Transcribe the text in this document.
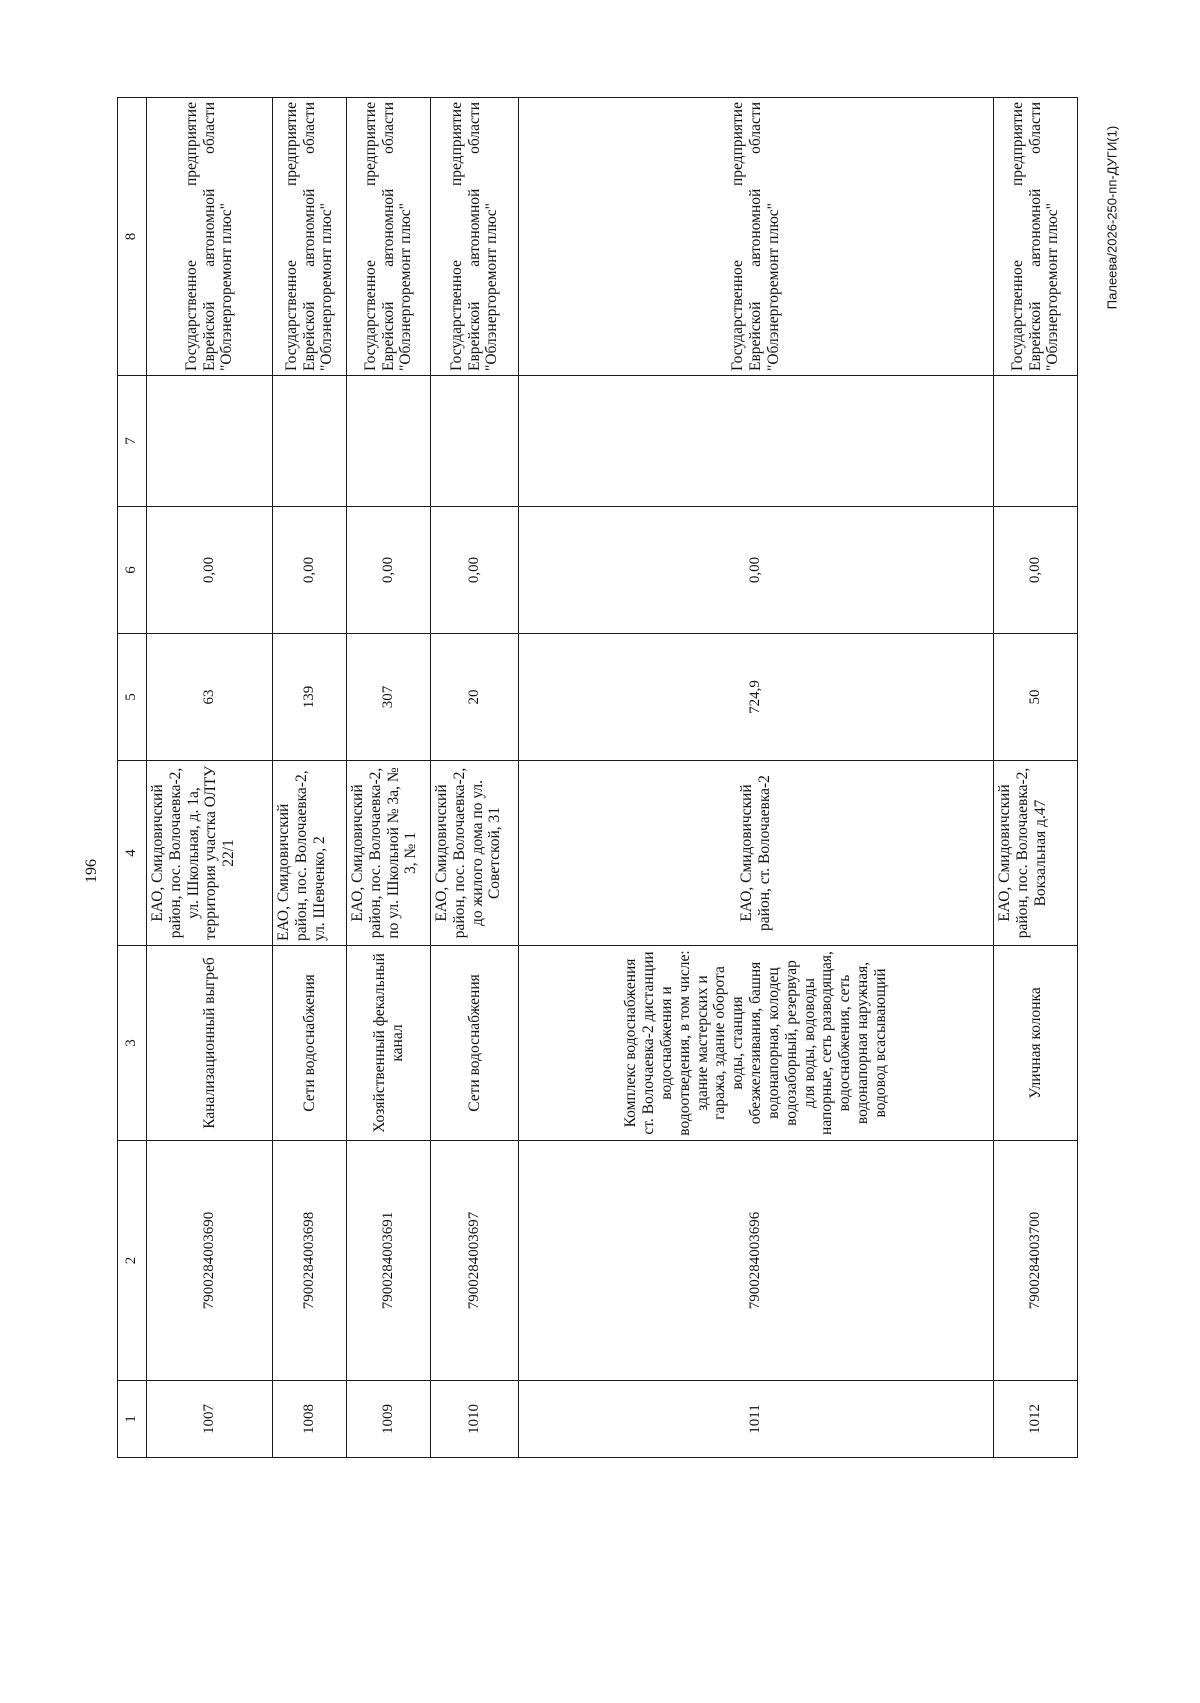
196
1	2	3	4	5	6	7	8
1007	7900284003690	Канализационный выгреб	ЕАО, Смидовичский район, пос. Волочаевка-2, ул. Школьная, д. 1а, территория участка ОЛТУ 22/1	63	0,00		Государственное предприятие Еврейской автономной области "Облэнергоремонт плюс"
1008	7900284003698	Сети водоснабжения	ЕАО, Смидовичский район, пос. Волочаевка-2, ул. Шевченко, 2	139	0,00		Государственное предприятие Еврейской автономной области "Облэнергоремонт плюс"
1009	7900284003691	Хозяйственный фекальный канал	ЕАО, Смидовичский район, пос. Волочаевка-2, по ул. Школьной № 3а, № 3, № 1	307	0,00		Государственное предприятие Еврейской автономной области "Облэнергоремонт плюс"
1010	7900284003697	Сети водоснабжения	ЕАО, Смидовичский район, пос. Волочаевка-2, до жилого дома по ул. Советской, 31	20	0,00		Государственное предприятие Еврейской автономной области "Облэнергоремонт плюс"
1011	7900284003696	Комплекс водоснабжения ст. Волочаевка-2 дистанции водоснабжения и водоотведения, в том числе: здание мастерских и гаража, здание оборота воды, станция обезжелезивания, башня водонапорная, колодец водозаборный, резервуар для воды, водоводы напорные, сеть разводящая, водоснабжения, сеть водонапорная наружная, водовод всасывающий	ЕАО, Смидовичский район, ст. Волочаевка-2	724,9	0,00		Государственное предприятие Еврейской автономной области "Облэнергоремонт плюс"
1012	7900284003700	Уличная колонка	ЕАО, Смидовичский район, пос. Волочаевка-2, Вокзальная д.47	50	0,00		Государственное предприятие Еврейской автономной области "Облэнергоремонт плюс"	Палеева/2026-250-пп-ДУГИ(1)
